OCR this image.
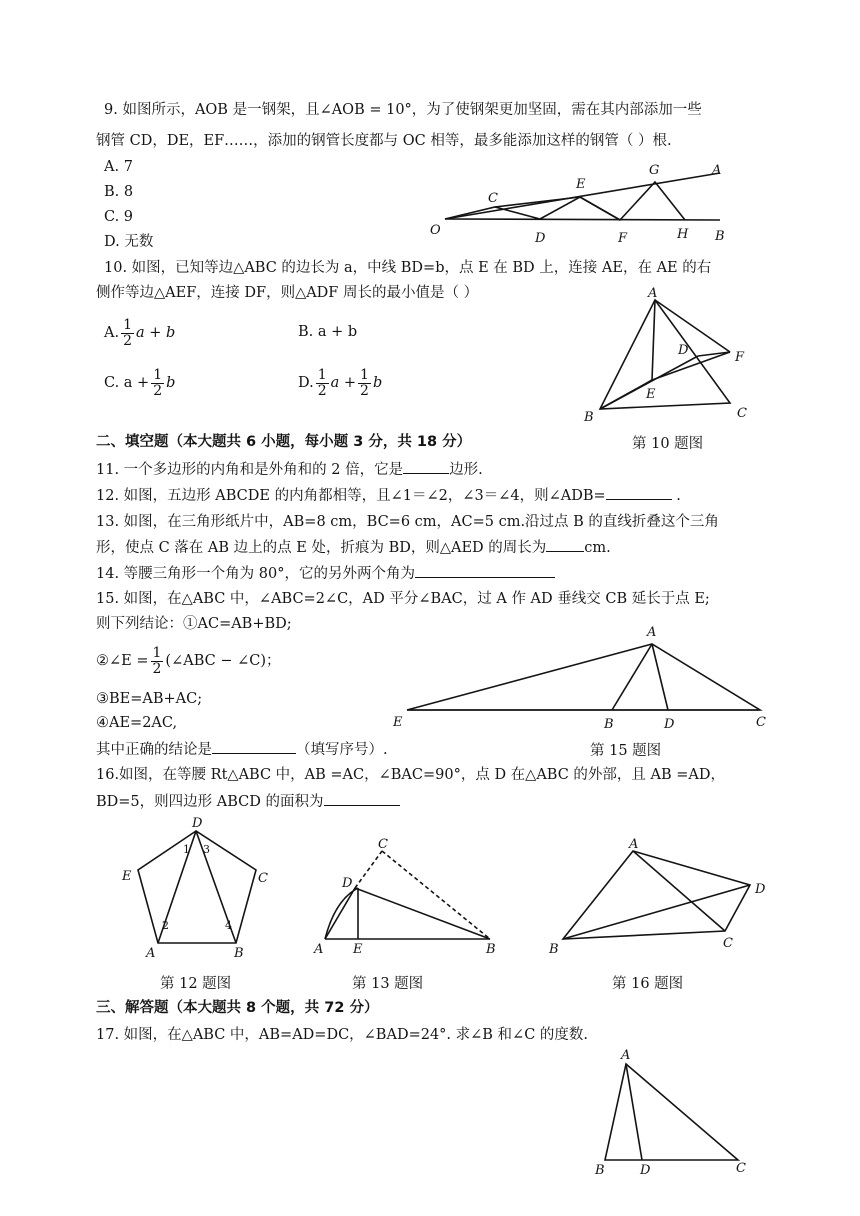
9. 如图所示，AOB 是一钢架，且∠AOB = 10°，为了使钢架更加坚固，需在其内部添加一些
钢管 CD，DE，EF……，添加的钢管长度都与 OC 相等，最多能添加这样的钢管（ ）根.
A. 7
B. 8
C. 9
D. 无数
O
C
D
E
F
G
H
A
B
10. 如图，已知等边△ABC 的边长为 a，中线 BD=b，点 E 在 BD 上，连接 AE，在 AE 的右
侧作等边△AEF，连接 DF，则△ADF 周长的最小值是（ ）
A. $\frac{1}{2}$ a + b	B. a + b
C. $a + \frac{1}{2}$ b	D. $\frac{1}{2}$ $a + \frac{1}{2}$ b
A
B	C
D
E
F
第 10 题图
二、填空题（本大题共 6 小题，每小题 3 分，共 18 分）
11. 一个多边形的内角和是外角和的 2 倍，它是	边形.
12. 如图，五边形 ABCDE 的内角都相等，且∠1＝∠2，∠3＝∠4，则∠ADB=	.
13. 如图，在三角形纸片中，AB=8 cm，BC=6 cm，AC=5 cm.沿过点 B 的直线折叠这个三角
形，使点 C 落在 AB 边上的点 E 处，折痕为 BD，则△AED 的周长为	cm.
14. 等腰三角形一个角为 80°，它的另外两个角为
15. 如图，在△ABC 中，∠ABC=2∠C，AD 平分∠BAC，过 A 作 AD 垂线交 CB 延长于点 E;
则下列结论：①AC=AB+BD;
②∠E = $\frac{1}{2}$ (∠ABC − ∠C)；
③BE=AB+AC;
④AE=2AC,
其中正确的结论是	（填写序号）.
A
E	B	D	C
第 15 题图
16.如图，在等腰 Rt△ABC 中，AB =AC，∠BAC=90°，点 D 在△ABC 的外部，且 AB =AD，
BD=5，则四边形 ABCD 的面积为
D
E	C
A	B
1 3
2	4
第 12 题图
C
D
A E	B
第 13 题图
A
D
B	C
第 16 题图
三、解答题（本大题共 8 个题，共 72 分）
17. 如图，在△ABC 中，AB=AD=DC，∠BAD=24°. 求∠B 和∠C 的度数.
A
B	D	C
